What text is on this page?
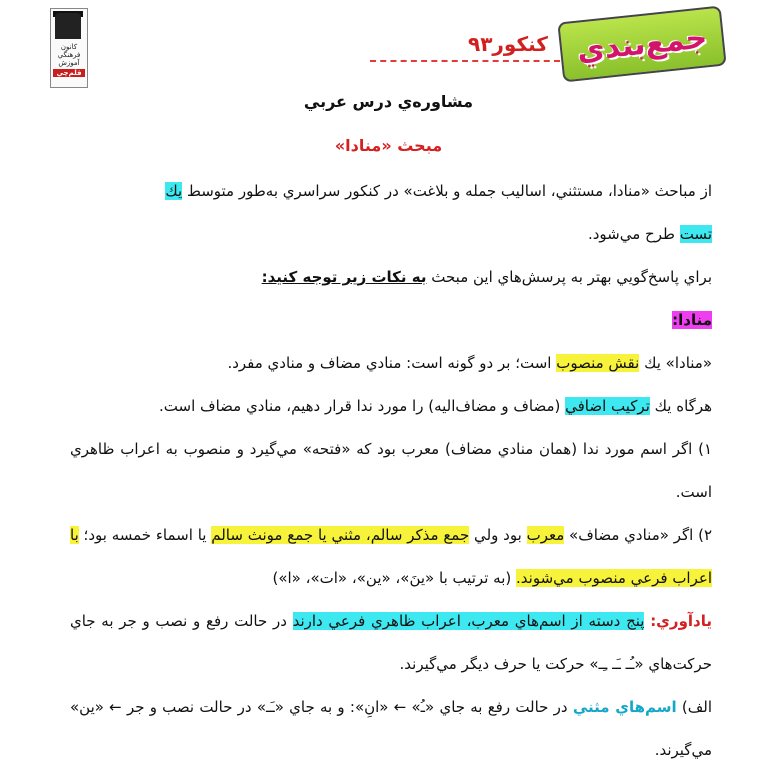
كانون
فرهنگي
آموزش
قلم‌چي
كنكور۹۳ جمع‌بندي
مشاوره‌ي درس عربي
مبحث «منادا»

از مباحث «منادا، مستثني، اساليب جمله و بلاغت» در كنكور سراسري به‌طور متوسط يك
تست طرح مي‌شود.

براي پاسخ‌گويي بهتر به پرسش‌هاي اين مبحث به نكات زير توجه كنيد:

منادا:

«منادا» يك نقش منصوب است؛ بر دو گونه است: منادي مضاف و منادي مفرد.

هرگاه يك تركيب اضافي (مضاف و مضاف‌اليه) را مورد ندا قرار دهيم، منادي مضاف است.

۱) اگر اسم مورد ندا (همان منادي مضاف) معرب بود كه «فتحه» مي‌گيرد و منصوب به اعراب ظاهري است.

۲) اگر «منادي مضاف» معرب بود ولي جمع مذكر سالم، مثني يا جمع مونث سالم يا اسماء خمسه بود؛ با اعراب فرعي منصوب مي‌شوند. (به ترتيب با «ينَ»، «ين»، «ات»، «ا»)

يادآوري: پنج دسته از اسم‌هاي معرب، اعراب ظاهري فرعي دارند در حالت رفع و نصب و جر به جاي حركت‌هاي «ـُـ ـَـ ـِـ» حركت يا حرف ديگر مي‌گيرند.

الف) اسم‌هاي مثني در حالت رفع به جاي «ـُ» ← «انِ»: و به جاي «ـَـ» در حالت نصب و جر ← «ين» مي‌گيرند.
